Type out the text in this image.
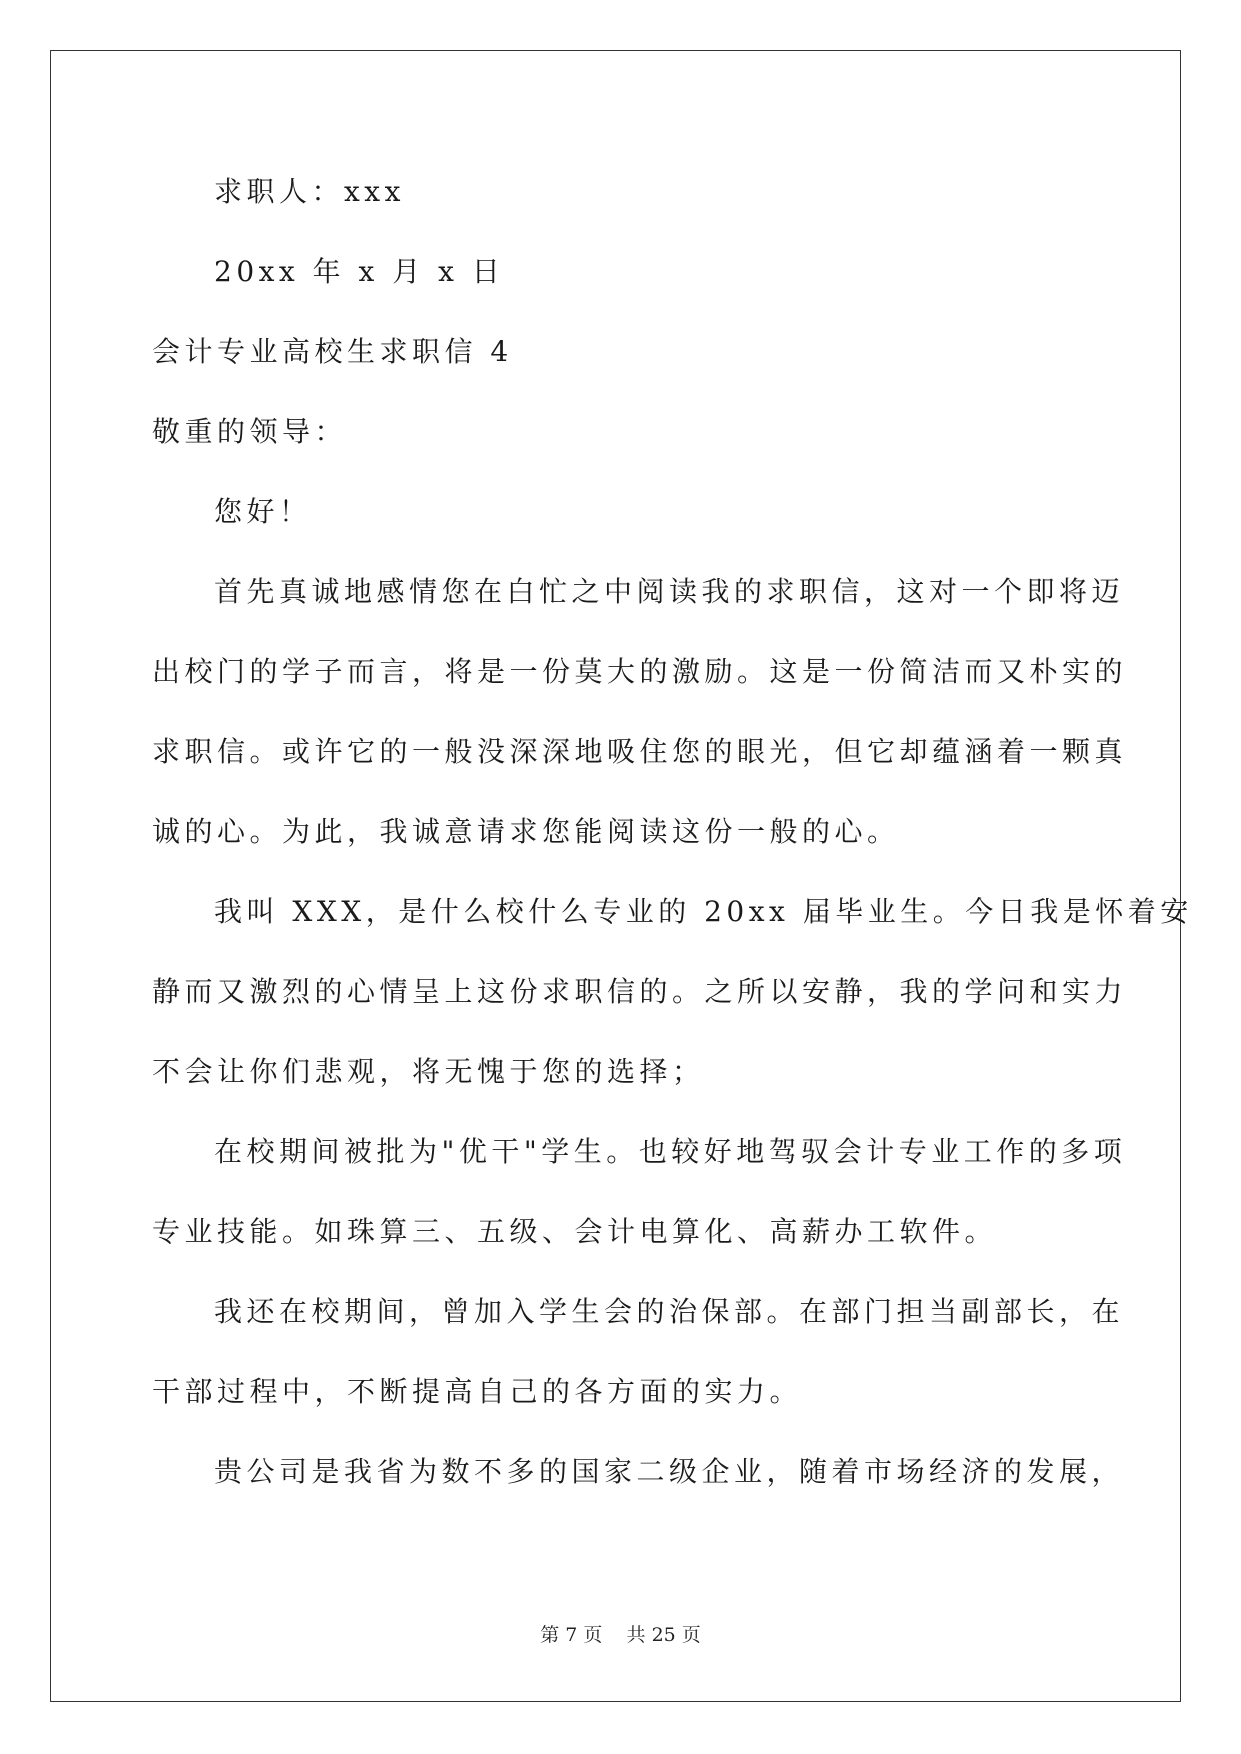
求职人：xxx
20xx 年 x 月 x 日
会计专业高校生求职信 4
敬重的领导：
您好！
首先真诚地感情您在白忙之中阅读我的求职信，这对一个即将迈
出校门的学子而言，将是一份莫大的激励。这是一份简洁而又朴实的
求职信。或许它的一般没深深地吸住您的眼光，但它却蕴涵着一颗真
诚的心。为此，我诚意请求您能阅读这份一般的心。
我叫 XXX，是什么校什么专业的 20xx 届毕业生。今日我是怀着安
静而又激烈的心情呈上这份求职信的。之所以安静，我的学问和实力
不会让你们悲观，将无愧于您的选择；
在校期间被批为"优干"学生。也较好地驾驭会计专业工作的多项
专业技能。如珠算三、五级、会计电算化、高薪办工软件。
我还在校期间，曾加入学生会的治保部。在部门担当副部长，在
干部过程中，不断提高自己的各方面的实力。
贵公司是我省为数不多的国家二级企业，随着市场经济的发展，
第 7 页    共 25 页
